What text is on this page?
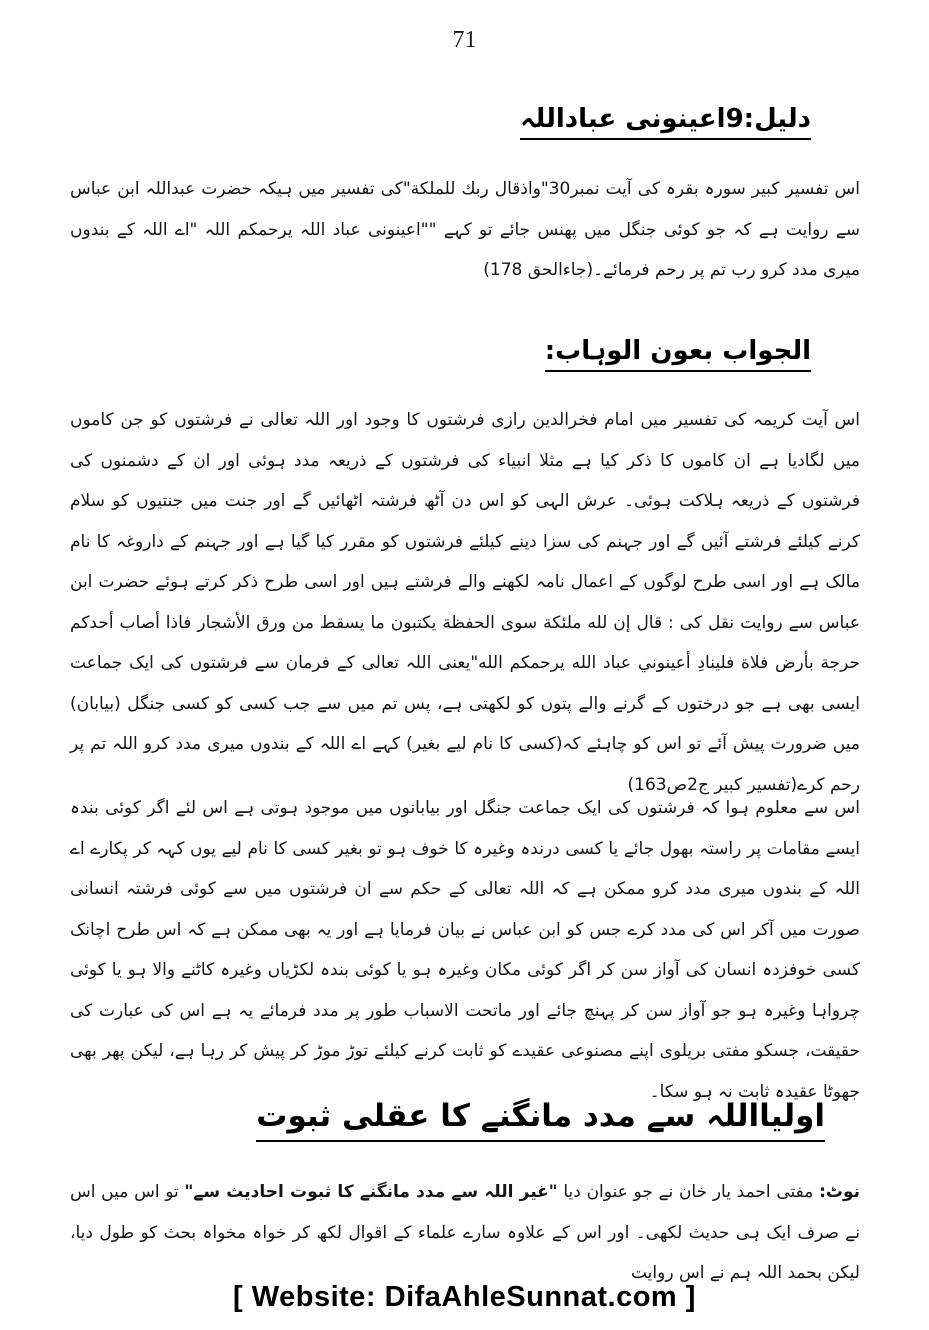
71
دلیل:9اعینونی عباداللہ
اس تفسیر کبیر سورہ بقرہ کی آیت نمبر30"واذقال ربك للملكة"کی تفسیر میں ہیکہ حضرت عبداللہ ابن عباس سے روایت ہے کہ جو کوئی جنگل میں پھنس جائے تو کہے ""اعینونی عباد اللہ یرحمکم اللہ "اے اللہ کے بندوں میری مدد کرو رب تم پر رحم فرمائے۔(جاءالحق 178)
الجواب بعون الوہاب:
اس آیت کریمہ کی تفسیر میں امام فخرالدین رازی فرشتوں کا وجود اور اللہ تعالی نے فرشتوں کو جن کاموں میں لگادیا ہے ان کاموں کا ذکر کیا ہے مثلا انبیاء کی فرشتوں کے ذریعہ مدد ہوئی اور ان کے دشمنوں کی فرشتوں کے ذریعہ ہلاکت ہوئی۔ عرش الہی کو اس دن آٹھ فرشتہ اٹھائیں گے اور جنت میں جنتیوں کو سلام کرنے کیلئے فرشتے آئیں گے اور جہنم کی سزا دینے کیلئے فرشتوں کو مقرر کیا گیا ہے اور جہنم کے داروغہ کا نام مالک ہے اور اسی طرح لوگوں کے اعمال نامہ لکھنے والے فرشتے ہیں اور اسی طرح ذکر کرتے ہوئے حضرت ابن عباس سے روایت نقل کی : قال إن لله ملئكة سوى الحفظة يكتبون ما يسقط من ورق الأشجار فاذا أصاب أحدكم حرجة بأرض فلاة فلينادِ أعينوني عباد الله يرحمكم الله"یعنی اللہ تعالی کے فرمان سے فرشتوں کی ایک جماعت ایسی بھی ہے جو درختوں کے گرنے والے پتوں کو لکھتی ہے، پس تم میں سے جب کسی کو کسی جنگل (بیابان) میں ضرورت پیش آئے تو اس کو چاہئے کہ(کسی کا نام لیے بغیر) کہے اے اللہ کے بندوں میری مدد کرو اللہ تم پر رحم کرے(تفسیر کبیر ج2ص163)
اس سے معلوم ہوا کہ فرشتوں کی ایک جماعت جنگل اور بیابانوں میں موجود ہوتی ہے اس لئے اگر کوئی بندہ ایسے مقامات پر راستہ بھول جائے یا کسی درندہ وغیرہ کا خوف ہو تو بغیر کسی کا نام لیے یوں کہہ کر پکارے اے اللہ کے بندوں میری مدد کرو ممکن ہے کہ اللہ تعالی کے حکم سے ان فرشتوں میں سے کوئی فرشتہ انسانی صورت میں آکر اس کی مدد کرے جس کو ابن عباس نے بیان فرمایا ہے اور یہ بھی ممکن ہے کہ اس طرح اچانک کسی خوفزدہ انسان کی آواز سن کر اگر کوئی مکان وغیرہ ہو یا کوئی بندہ لکڑیاں وغیرہ کاٹنے والا ہو یا کوئی چرواہا وغیرہ ہو جو آواز سن کر پہنچ جائے اور ماتحت الاسباب طور پر مدد فرمائے یہ ہے اس کی عبارت کی حقیقت، جسکو مفتی بریلوی اپنے مصنوعی عقیدے کو ثابت کرنے کیلئے توڑ موڑ کر پیش کر رہا ہے، لیکن پھر بھی جھوٹا عقیدہ ثابت نہ ہو سکا۔
اولیااللہ سے مدد مانگنے کا عقلی ثبوت
نوٹ: مفتی احمد یار خان نے جو عنوان دیا "غیر اللہ سے مدد مانگنے کا ثبوت احادیث سے" تو اس میں اس نے صرف ایک ہی حدیث لکھی۔ اور اس کے علاوہ سارے علماء کے اقوال لکھ کر خواہ مخواہ بحث کو طول دیا، لیکن بحمد اللہ ہم نے اس روایت
[ Website: DifaAhleSunnat.com ]
